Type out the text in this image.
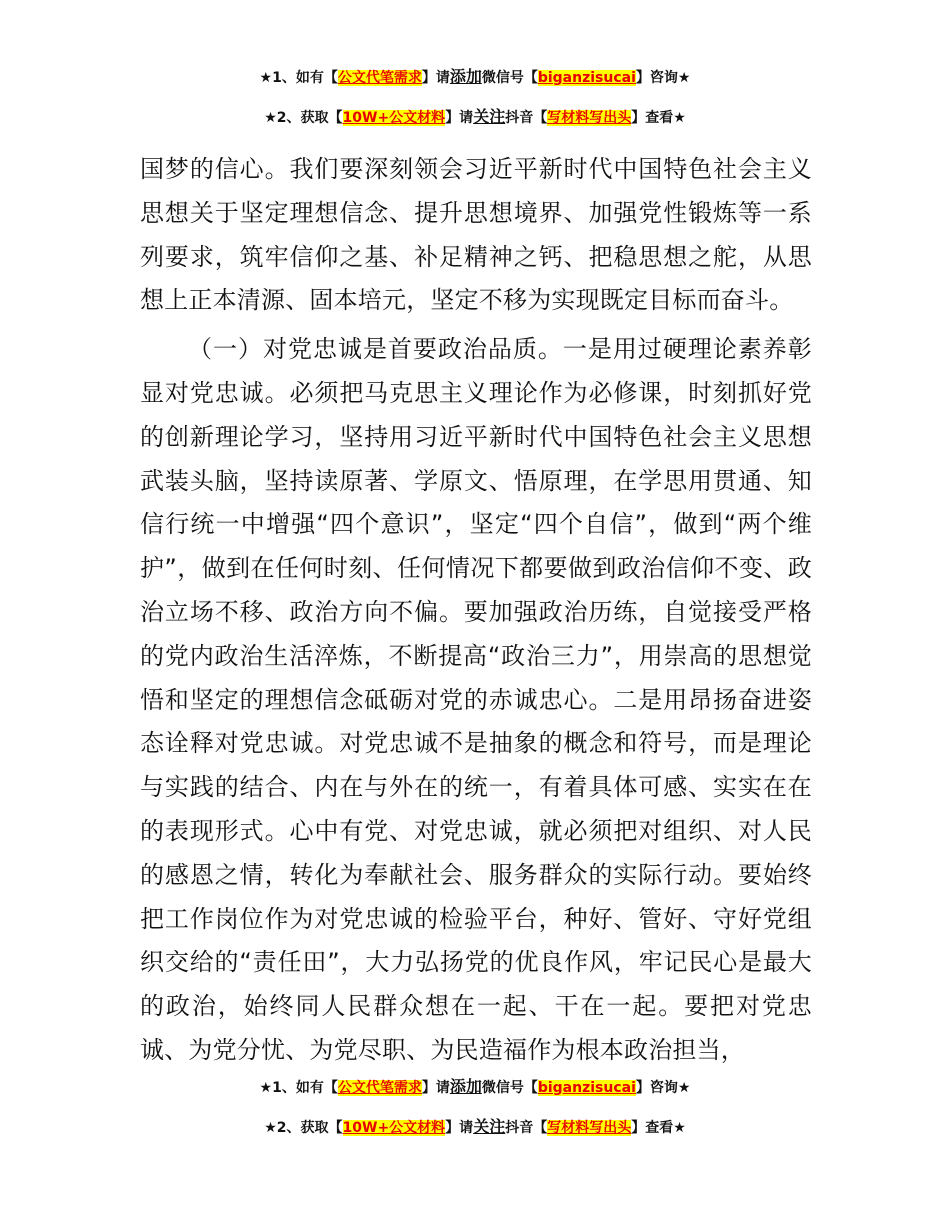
★1、如有【公文代笔需求】请添加微信号【biganzisucai】咨询★
★2、获取【10W+公文材料】请关注抖音【写材料写出头】查看★

国梦的信心。我们要深刻领会习近平新时代中国特色社会主义思想关于坚定理想信念、提升思想境界、加强党性锻炼等一系列要求，筑牢信仰之基、补足精神之钙、把稳思想之舵，从思想上正本清源、固本培元，坚定不移为实现既定目标而奋斗。

（一）对党忠诚是首要政治品质。一是用过硬理论素养彰显对党忠诚。必须把马克思主义理论作为必修课，时刻抓好党的创新理论学习，坚持用习近平新时代中国特色社会主义思想武装头脑，坚持读原著、学原文、悟原理，在学思用贯通、知信行统一中增强“四个意识”，坚定“四个自信”，做到“两个维护”，做到在任何时刻、任何情况下都要做到政治信仰不变、政治立场不移、政治方向不偏。要加强政治历练，自觉接受严格的党内政治生活淬炼，不断提高“政治三力”，用崇高的思想觉悟和坚定的理想信念砥砺对党的赤诚忠心。二是用昂扬奋进姿态诠释对党忠诚。对党忠诚不是抽象的概念和符号，而是理论与实践的结合、内在与外在的统一，有着具体可感、实实在在的表现形式。心中有党、对党忠诚，就必须把对组织、对人民的感恩之情，转化为奉献社会、服务群众的实际行动。要始终把工作岗位作为对党忠诚的检验平台，种好、管好、守好党组织交给的“责任田”，大力弘扬党的优良作风，牢记民心是最大的政治，始终同人民群众想在一起、干在一起。要把对党忠诚、为党分忧、为党尽职、为民造福作为根本政治担当，

★1、如有【公文代笔需求】请添加微信号【biganzisucai】咨询★
★2、获取【10W+公文材料】请关注抖音【写材料写出头】查看★
